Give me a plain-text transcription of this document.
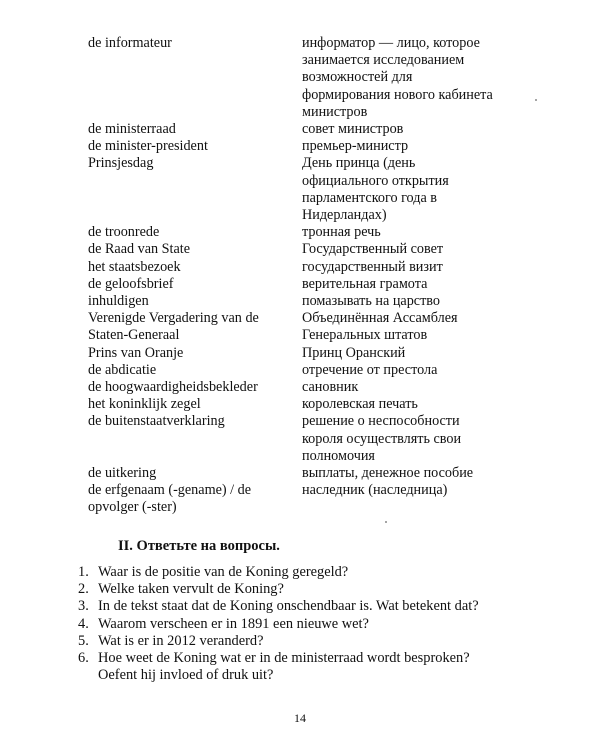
de informateur	информатор — лицо, которое
занимается исследованием
возможностей для
формирования нового кабинета
министров
de ministerraad	совет министров
de minister-president	премьер-министр
Prinsjesdag	День принца (день
официального открытия
парламентского года в
Нидерландах)
de troonrede	тронная речь
de Raad van State	Государственный совет
het staatsbezoek	государственный визит
de geloofsbrief	верительная грамота
inhuldigen	помазывать на царство
Verenigde Vergadering van de
Staten-Generaal
Объединённая Ассамблея
Генеральных штатов
Prins van Oranje	Принц Оранский
de abdicatie	отречение от престола
de hoogwaardigheidsbekleder	сановник
het koninklijk zegel	королевская печать
de buitenstaatverklaring	решение о неспособности
короля осуществлять свои
полномочия
de uitkering	выплаты, денежное пособие
de erfgenaam (-gename) / de
opvolger (-ster)
наследник (наследница)
II. Ответьте на вопросы.
1. Waar is de positie van de Koning geregeld?
2. Welke taken vervult de Koning?
3. In de tekst staat dat de Koning onschendbaar is. Wat betekent dat?
4. Waarom verscheen er in 1891 een nieuwe wet?
5. Wat is er in 2012 veranderd?
6. Hoe weet de Koning wat er in de ministerraad wordt besproken?
Oefent hij invloed of druk uit?
14
